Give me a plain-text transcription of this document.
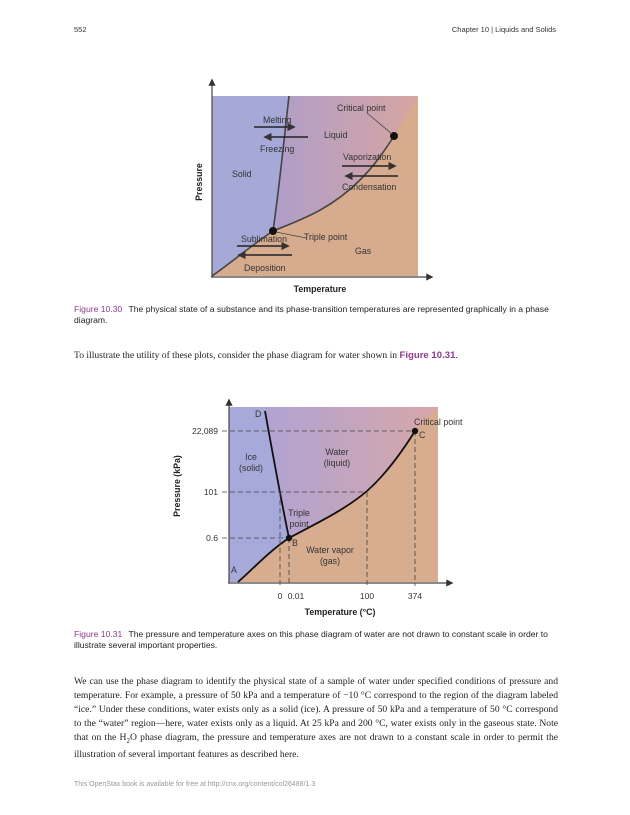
552	Chapter 10 | Liquids and Solids
Melting
Freezing
Liquid
Critical point
Vaporization
Condensation
Solid
Sublimation Triple point
Gas
Deposition
Temperature
Pressure
Figure 10.30 The physical state of a substance and its phase-transition temperatures are represented graphically in a phase diagram.
To illustrate the utility of these plots, consider the phase diagram for water shown in Figure 10.31.
22,089
101
0.6
0 0.01	100	374
Ice
(solid)
Water
(liquid)
Water vapor
(gas)
Triple
point
Critical point
A
B
C
D
Temperature (°C)
Pressure (kPa)
Figure 10.31 The pressure and temperature axes on this phase diagram of water are not drawn to constant scale in order to illustrate several important properties.
We can use the phase diagram to identify the physical state of a sample of water under specified conditions of pressure and temperature. For example, a pressure of 50 kPa and a temperature of −10 °C correspond to the region of the diagram labeled “ice.” Under these conditions, water exists only as a solid (ice). A pressure of 50 kPa and a temperature of 50 °C correspond to the “water” region—here, water exists only as a liquid. At 25 kPa and 200 °C, water exists only in the gaseous state. Note that on the $H_2O$ phase diagram, the pressure and temperature axes are not drawn to a constant scale in order to permit the illustration of several important features as described here.
This OpenStax book is available for free at http://cnx.org/content/col26488/1.3
